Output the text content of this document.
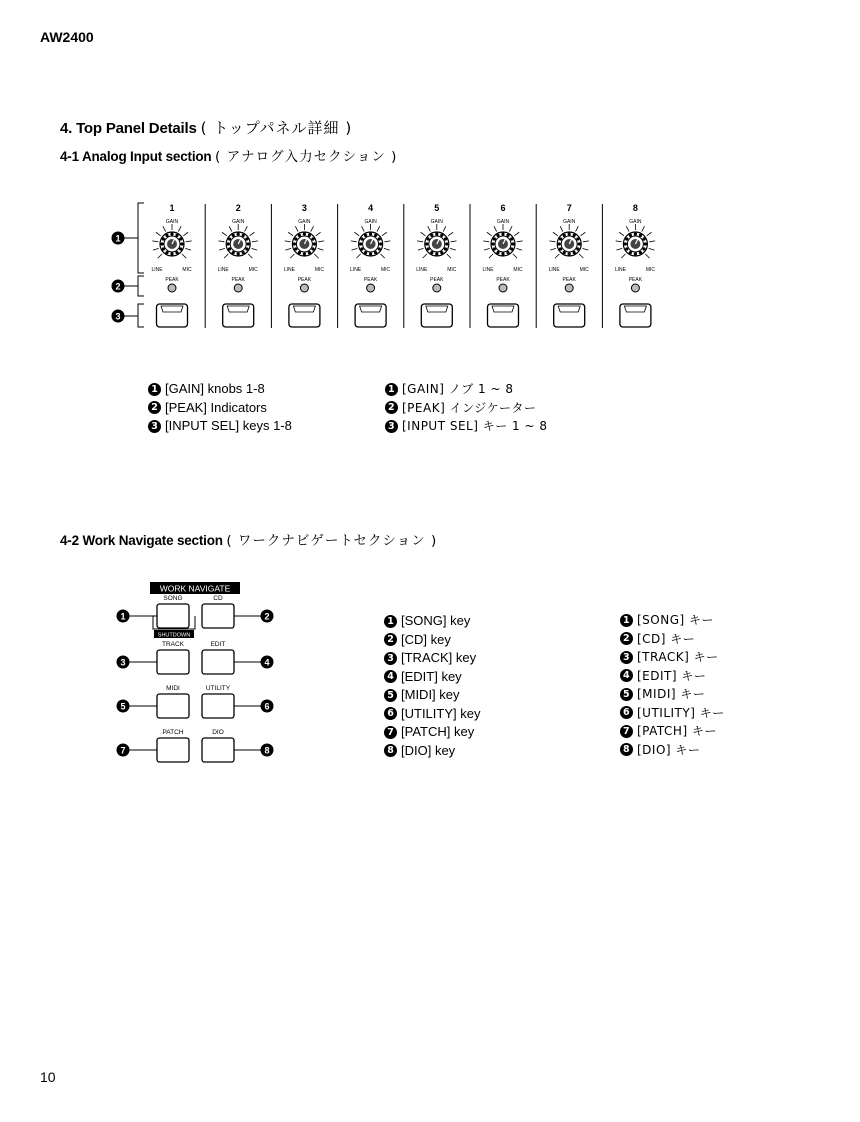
AW2400
4. Top Panel Details ( トップパネル詳細 )
4-1 Analog Input section ( アナログ入力セクション )
1
2
3
1
GAIN
LINE	MIC
PEAK
2
GAIN
LINE	MIC
PEAK
3
GAIN
LINE	MIC
PEAK
4
GAIN
LINE	MIC
PEAK
5
GAIN
LINE	MIC
PEAK
6
GAIN
LINE	MIC
PEAK
7
GAIN
LINE	MIC
PEAK
8
GAIN
LINE	MIC
PEAK
1 [GAIN] knobs 1-8
2 [PEAK] Indicators
3 [INPUT SEL] keys 1-8
1 [GAIN] ノブ 1 ~ 8
2 [PEAK] インジケーター
3 [INPUT SEL] キー 1 ~ 8
4-2 Work Navigate section ( ワークナビゲートセクション )
WORK NAVIGATE
SONG
1
CD
2
TRACK
3
EDIT
4
MIDI
5
UTILITY
6
PATCH
7
DIO
8
SHUTDOWN
1 [SONG] key
2 [CD] key
3 [TRACK] key
4 [EDIT] key
5 [MIDI] key
6 [UTILITY] key
7 [PATCH] key
8 [DIO] key
1 [SONG] キー
2 [CD] キー
3 [TRACK] キー
4 [EDIT] キー
5 [MIDI] キー
6 [UTILITY] キー
7 [PATCH] キー
8 [DIO] キー
10
